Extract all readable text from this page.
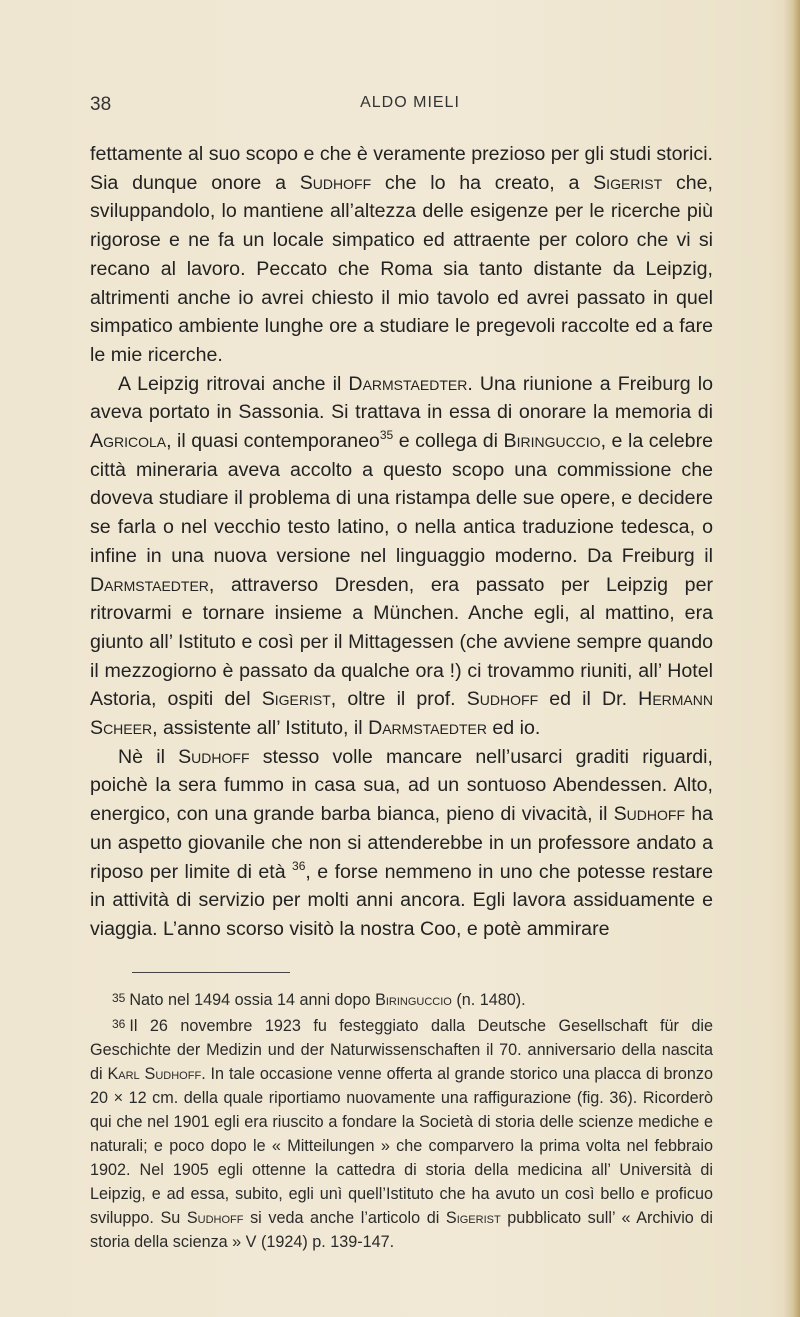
38	ALDO MIELI

fettamente al suo scopo e che è veramente prezioso per gli studi storici. Sia dunque onore a Sudhoff che lo ha creato, a Sigerist che, sviluppandolo, lo mantiene all’altezza delle esigenze per le ricerche più rigorose e ne fa un locale simpatico ed attraente per coloro che vi si recano al lavoro. Peccato che Roma sia tanto distante da Leipzig, altrimenti anche io avrei chiesto il mio tavolo ed avrei passato in quel simpatico ambiente lunghe ore a studiare le pregevoli raccolte ed a fare le mie ricerche.

A Leipzig ritrovai anche il Darmstaedter. Una riunione a Freiburg lo aveva portato in Sassonia. Si trattava in essa di onorare la memoria di Agricola, il quasi contemporaneo$^{35}$ e collega di Biringuccio, e la celebre città mineraria aveva accolto a questo scopo una commissione che doveva studiare il problema di una ristampa delle sue opere, e decidere se farla o nel vecchio testo latino, o nella antica traduzione tedesca, o infine in una nuova versione nel linguaggio moderno. Da Freiburg il Darmstaedter, attraverso Dresden, era passato per Leipzig per ritrovarmi e tornare insieme a München. Anche egli, al mattino, era giunto all’ Istituto e così per il Mittagessen (che avviene sempre quando il mezzogiorno è passato da qualche ora !) ci trovammo riuniti, all’ Hotel Astoria, ospiti del Sigerist, oltre il prof. Sudhoff ed il Dr. Hermann Scheer, assistente all’ Istituto, il Darmstaedter ed io.

Nè il Sudhoff stesso volle mancare nell’usarci graditi riguardi, poichè la sera fummo in casa sua, ad un sontuoso Abendessen. Alto, energico, con una grande barba bianca, pieno di vivacità, il Sudhoff ha un aspetto giovanile che non si attenderebbe in un professore andato a riposo per limite di età $^{36}$, e forse nemmeno in uno che potesse restare in attività di servizio per molti anni ancora. Egli lavora assiduamente e viaggia. L’anno scorso visitò la nostra Coo, e potè ammirare

35 Nato nel 1494 ossia 14 anni dopo Biringuccio (n. 1480).

36 Il 26 novembre 1923 fu festeggiato dalla Deutsche Gesellschaft für die Geschichte der Medizin und der Naturwissenschaften il 70. anniversario della nascita di Karl Sudhoff. In tale occasione venne offerta al grande storico una placca di bronzo 20 × 12 cm. della quale riportiamo nuovamente una raffigurazione (fig. 36). Ricorderò qui che nel 1901 egli era riuscito a fondare la Società di storia delle scienze mediche e naturali; e poco dopo le « Mitteilungen » che comparvero la prima volta nel febbraio 1902. Nel 1905 egli ottenne la cattedra di storia della medicina all’ Università di Leipzig, e ad essa, subito, egli unì quell’Istituto che ha avuto un così bello e proficuo sviluppo. Su Sudhoff si veda anche l’articolo di Sigerist pubblicato sull’ « Archivio di storia della scienza » V (1924) p. 139-147.
